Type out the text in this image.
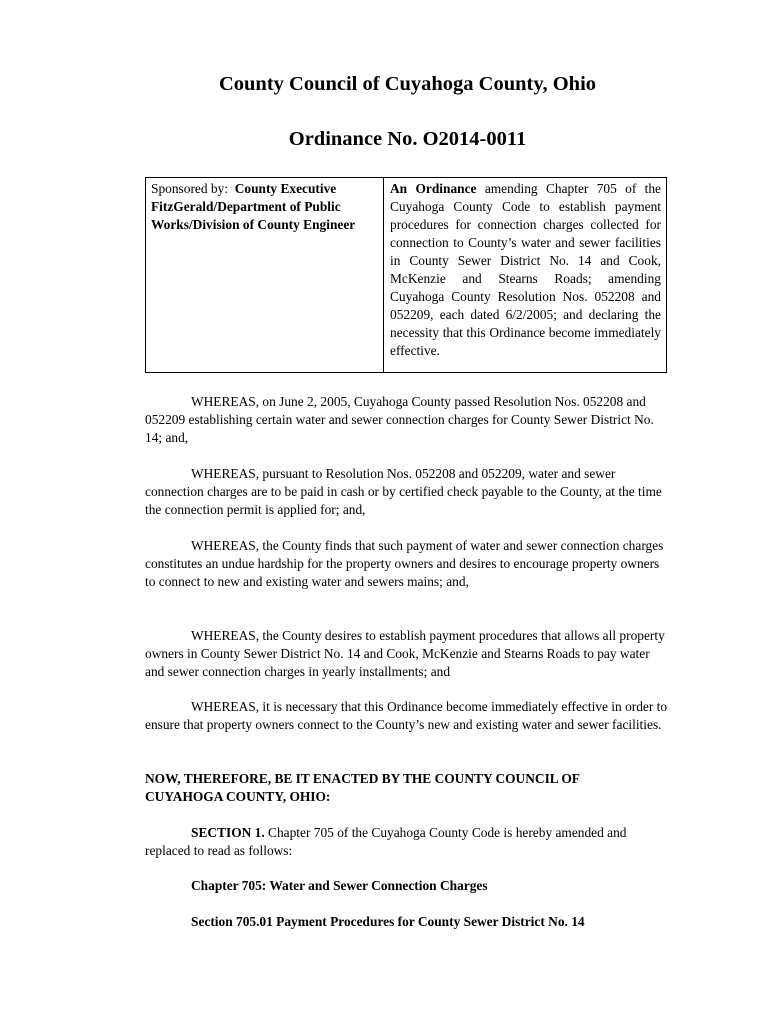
County Council of Cuyahoga County, Ohio
Ordinance No. O2014-0011
Sponsored by: County Executive FitzGerald/Department of Public Works/Division of County Engineer
An Ordinance amending Chapter 705 of the Cuyahoga County Code to establish payment procedures for connection charges collected for connection to County’s water and sewer facilities in County Sewer District No. 14 and Cook, McKenzie and Stearns Roads; amending Cuyahoga County Resolution Nos. 052208 and 052209, each dated 6/2/2005; and declaring the necessity that this Ordinance become immediately effective.
WHEREAS, on June 2, 2005, Cuyahoga County passed Resolution Nos. 052208 and 052209 establishing certain water and sewer connection charges for County Sewer District No. 14; and,
WHEREAS, pursuant to Resolution Nos. 052208 and 052209, water and sewer connection charges are to be paid in cash or by certified check payable to the County, at the time the connection permit is applied for; and,
WHEREAS, the County finds that such payment of water and sewer connection charges constitutes an undue hardship for the property owners and desires to encourage property owners to connect to new and existing water and sewers mains; and,
WHEREAS, the County desires to establish payment procedures that allows all property owners in County Sewer District No. 14 and Cook, McKenzie and Stearns Roads to pay water and sewer connection charges in yearly installments; and
WHEREAS, it is necessary that this Ordinance become immediately effective in order to ensure that property owners connect to the County’s new and existing water and sewer facilities.
NOW, THEREFORE, BE IT ENACTED BY THE COUNTY COUNCIL OF CUYAHOGA COUNTY, OHIO:
SECTION 1. Chapter 705 of the Cuyahoga County Code is hereby amended and replaced to read as follows:
Chapter 705: Water and Sewer Connection Charges
Section 705.01 Payment Procedures for County Sewer District No. 14
